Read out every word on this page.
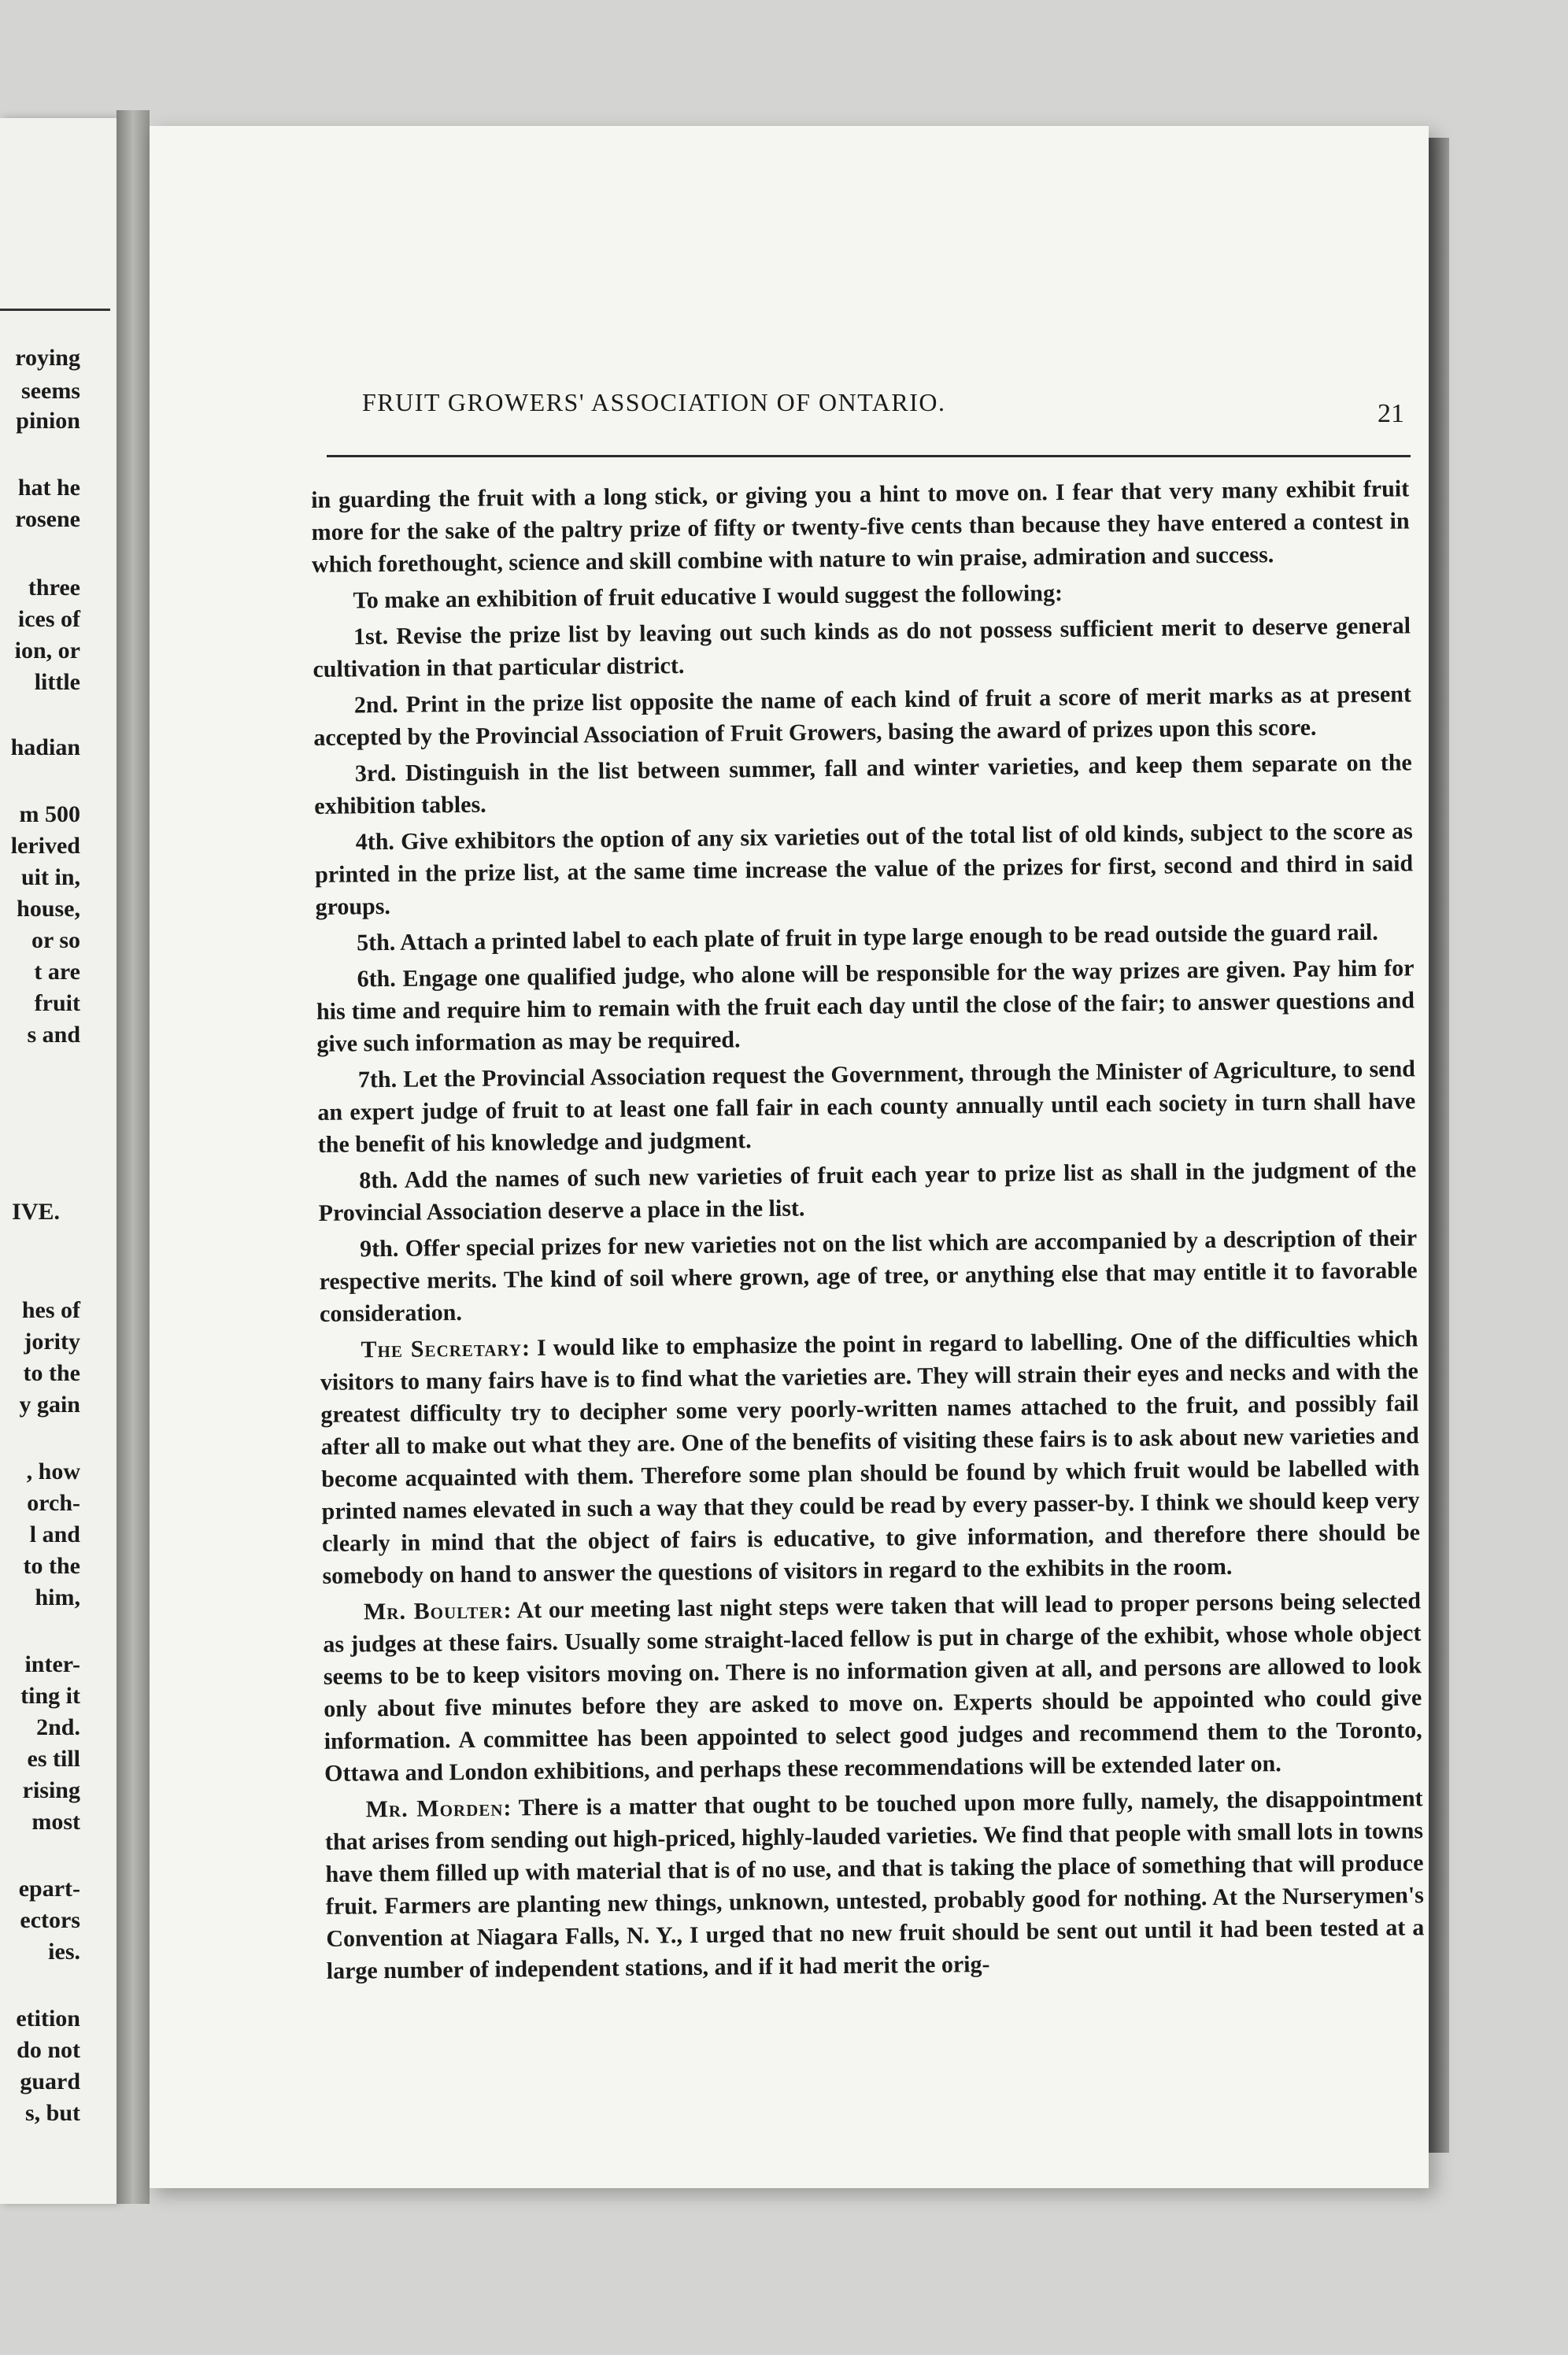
roying
seems
pinion
hat he
rosene
three
ices of
ion, or
little
hadian
m 500
lerived
uit in,
house,
or so
t are
fruit
s and
IVE.
hes of
jority
to the
y gain
, how
orch-
l and
to the
him,
inter-
ting it
2nd.
es till
rising
most
epart-
ectors
ies.
etition
do not
guard
s, but
FRUIT GROWERS' ASSOCIATION OF ONTARIO.	21

in guarding the fruit with a long stick, or giving you a hint to move on. I fear that very many exhibit fruit more for the sake of the paltry prize of fifty or twenty-five cents than because they have entered a contest in which forethought, science and skill combine with nature to win praise, admiration and success.

To make an exhibition of fruit educative I would suggest the following:

1st. Revise the prize list by leaving out such kinds as do not possess sufficient merit to deserve general cultivation in that particular district.

2nd. Print in the prize list opposite the name of each kind of fruit a score of merit marks as at present accepted by the Provincial Association of Fruit Growers, basing the award of prizes upon this score.

3rd. Distinguish in the list between summer, fall and winter varieties, and keep them separate on the exhibition tables.

4th. Give exhibitors the option of any six varieties out of the total list of old kinds, subject to the score as printed in the prize list, at the same time increase the value of the prizes for first, second and third in said groups.

5th. Attach a printed label to each plate of fruit in type large enough to be read outside the guard rail.

6th. Engage one qualified judge, who alone will be responsible for the way prizes are given. Pay him for his time and require him to remain with the fruit each day until the close of the fair; to answer questions and give such information as may be required.

7th. Let the Provincial Association request the Government, through the Minister of Agriculture, to send an expert judge of fruit to at least one fall fair in each county annually until each society in turn shall have the benefit of his knowledge and judgment.

8th. Add the names of such new varieties of fruit each year to prize list as shall in the judgment of the Provincial Association deserve a place in the list.

9th. Offer special prizes for new varieties not on the list which are accompanied by a description of their respective merits. The kind of soil where grown, age of tree, or anything else that may entitle it to favorable consideration.

The Secretary: I would like to emphasize the point in regard to labelling. One of the difficulties which visitors to many fairs have is to find what the varieties are. They will strain their eyes and necks and with the greatest difficulty try to decipher some very poorly-written names attached to the fruit, and possibly fail after all to make out what they are. One of the benefits of visiting these fairs is to ask about new varieties and become acquainted with them. Therefore some plan should be found by which fruit would be labelled with printed names elevated in such a way that they could be read by every passer-by. I think we should keep very clearly in mind that the object of fairs is educative, to give information, and therefore there should be somebody on hand to answer the questions of visitors in regard to the exhibits in the room.

Mr. Boulter: At our meeting last night steps were taken that will lead to proper persons being selected as judges at these fairs. Usually some straight-laced fellow is put in charge of the exhibit, whose whole object seems to be to keep visitors moving on. There is no information given at all, and persons are allowed to look only about five minutes before they are asked to move on. Experts should be appointed who could give information. A committee has been appointed to select good judges and recommend them to the Toronto, Ottawa and London exhibitions, and perhaps these recommendations will be extended later on.

Mr. Morden: There is a matter that ought to be touched upon more fully, namely, the disappointment that arises from sending out high-priced, highly-lauded varieties. We find that people with small lots in towns have them filled up with material that is of no use, and that is taking the place of something that will produce fruit. Farmers are planting new things, unknown, untested, probably good for nothing. At the Nurserymen's Convention at Niagara Falls, N. Y., I urged that no new fruit should be sent out until it had been tested at a large number of independent stations, and if it had merit the orig-
